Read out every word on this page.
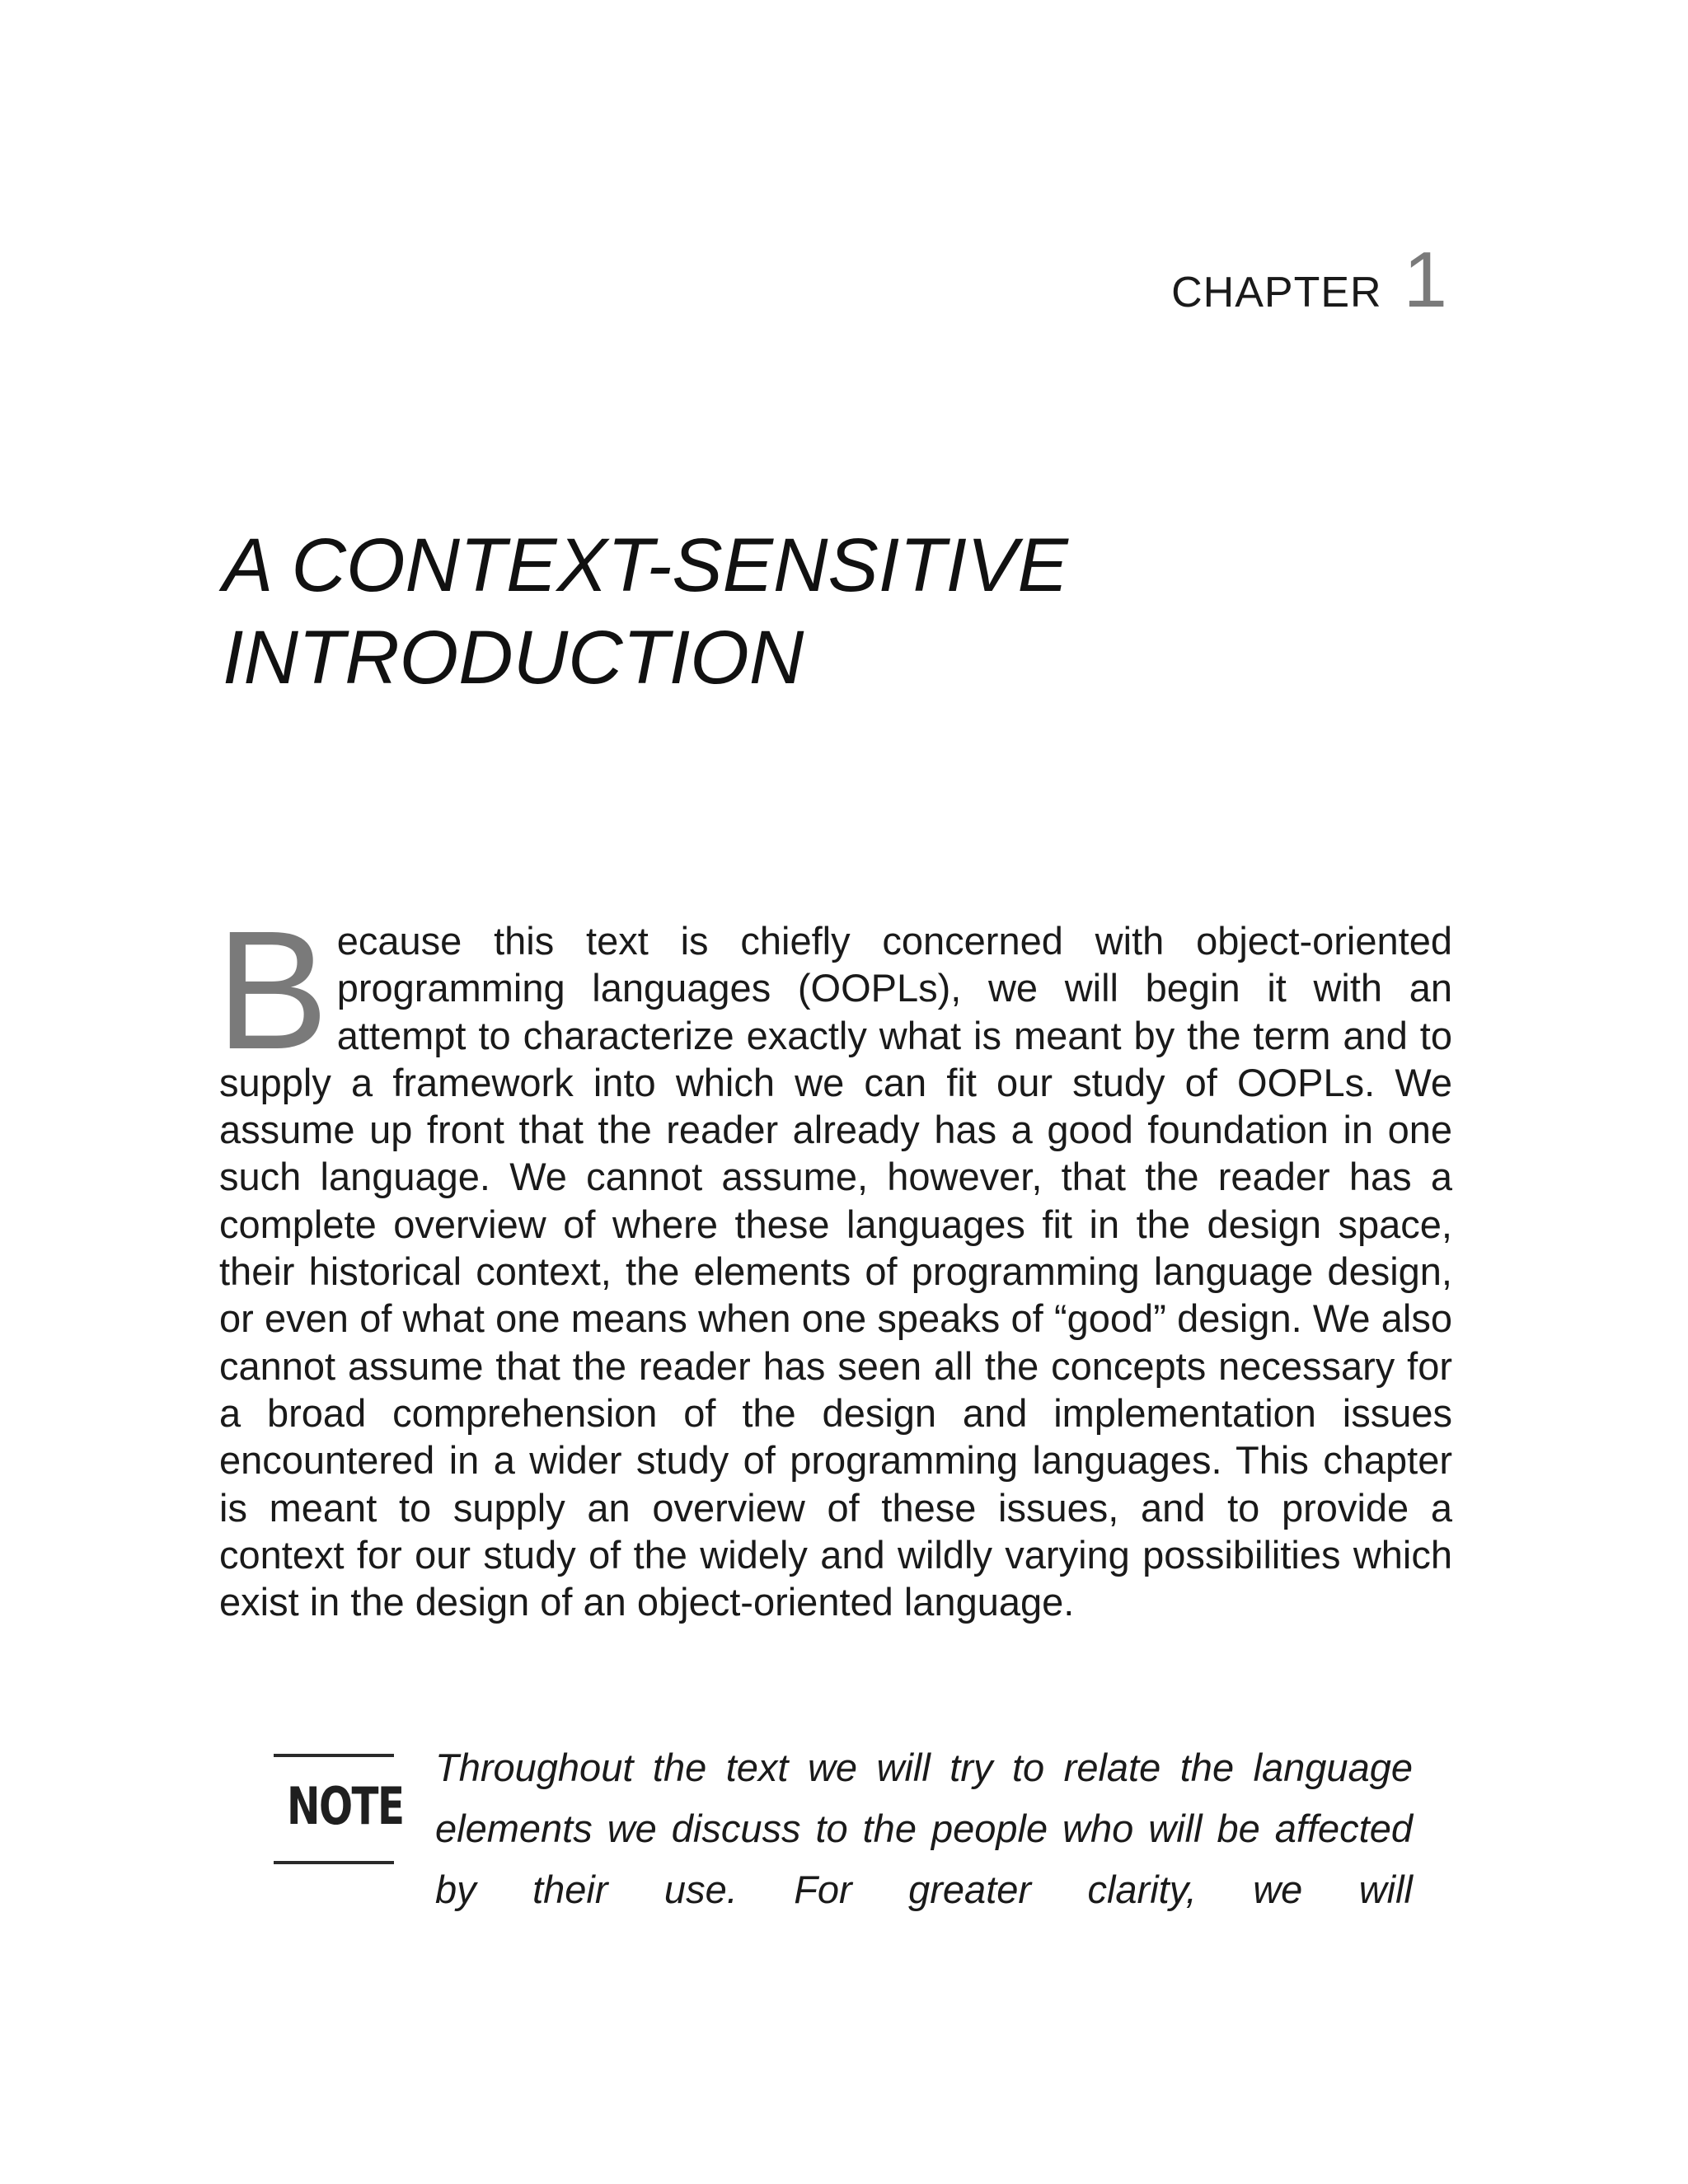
CHAPTER 1
A CONTEXT-SENSITIVE
INTRODUCTION

Because this text is chiefly concerned with object-oriented programming languages (OOPLs), we will begin it with an attempt to characterize exactly what is meant by the term and to supply a framework into which we can fit our study of OOPLs. We assume up front that the reader already has a good foundation in one such language. We cannot assume, however, that the reader has a complete overview of where these languages fit in the design space, their historical context, the elements of programming language design, or even of what one means when one speaks of “good” design. We also cannot assume that the reader has seen all the concepts necessary for a broad comprehension of the design and implementation issues encountered in a wider study of programming languages. This chapter is meant to supply an overview of these issues, and to provide a context for our study of the widely and wildly varying possibilities which exist in the design of an object-oriented language.

NOTE

Throughout the text we will try to relate the language elements we discuss to the people who will be affected by their use. For greater clarity, we will
